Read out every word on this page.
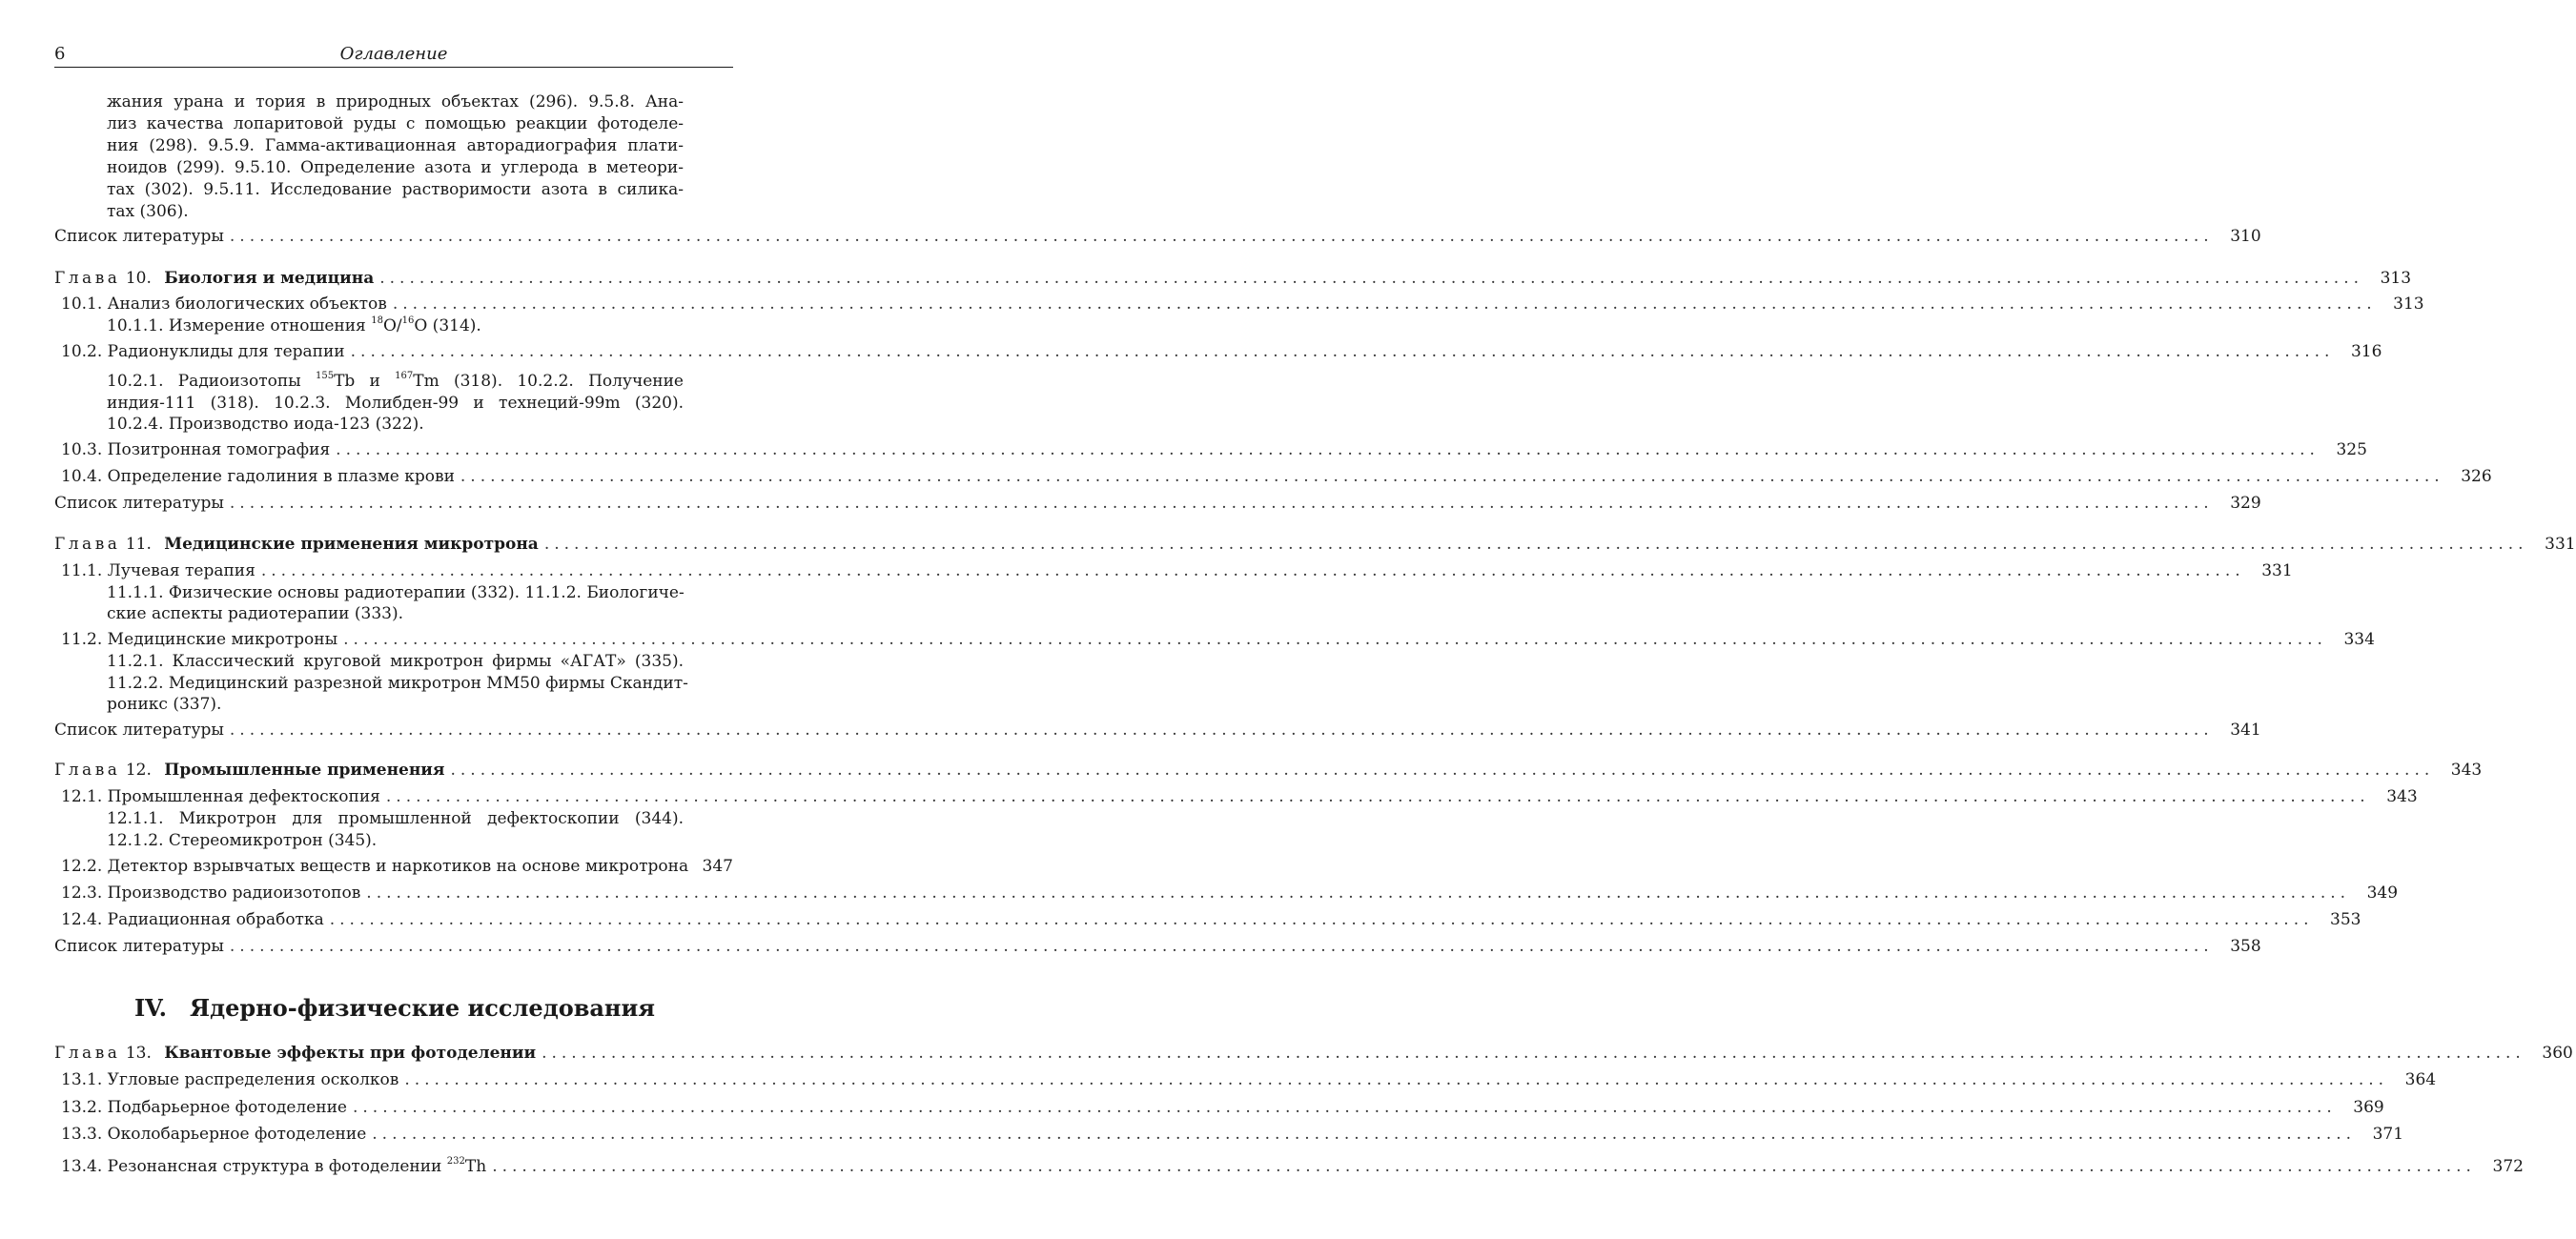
6	Оглавление
жания урана и тория в природных объектах (296). 9.5.8. Ана-
лиз качества лопаритовой руды с помощью реакции фотоделе-
ния (298). 9.5.9. Гамма-активационная авторадиография плати-
ноидов (299). 9.5.10. Определение азота и углерода в метеори-
тах (302). 9.5.11. Исследование растворимости азота в силика-
тах (306).
Список литературы ........................................................................................................................................................................................................	310
Глава 10. Биология и медицина ........................................................................................................................................................................................................	313
10.1. Анализ биологических объектов ........................................................................................................................................................................................................	313
10.1.1. Измерение отношения $^{18}$O/$^{16}$O (314).
10.2. Радионуклиды для терапии ........................................................................................................................................................................................................	316
10.2.1. Радиоизотопы $^{155}$Tb и $^{167}$Tm (318). 10.2.2. Получение
индия-111 (318). 10.2.3. Молибден-99 и технеций-99m (320).
10.2.4. Производство иода-123 (322).
10.3. Позитронная томография ........................................................................................................................................................................................................	325
10.4. Определение гадолиния в плазме крови ........................................................................................................................................................................................................	326
Список литературы ........................................................................................................................................................................................................	329
Глава 11. Медицинские применения микротрона ........................................................................................................................................................................................................	331
11.1. Лучевая терапия ........................................................................................................................................................................................................	331
11.1.1. Физические основы радиотерапии (332). 11.1.2. Биологиче-
ские аспекты радиотерапии (333).
11.2. Медицинские микротроны ........................................................................................................................................................................................................	334
11.2.1. Классический круговой микротрон фирмы «АГАТ» (335).
11.2.2. Медицинский разрезной микротрон MM50 фирмы Скандит-
роникс (337).
Список литературы ........................................................................................................................................................................................................	341
Глава 12. Промышленные применения ........................................................................................................................................................................................................	343
12.1. Промышленная дефектоскопия ........................................................................................................................................................................................................	343
12.1.1. Микротрон для промышленной дефектоскопии (344).
12.1.2. Стереомикротрон (345).
12.2. Детектор взрывчатых веществ и наркотиков на основе микротрона 347
12.3. Производство радиоизотопов ........................................................................................................................................................................................................	349
12.4. Радиационная обработка ........................................................................................................................................................................................................	353
Список литературы ........................................................................................................................................................................................................	358
IV. Ядерно-физические исследования
Глава 13. Квантовые эффекты при фотоделении ........................................................................................................................................................................................................	360
13.1. Угловые распределения осколков ........................................................................................................................................................................................................	364
13.2. Подбарьерное фотоделение ........................................................................................................................................................................................................	369
13.3. Околобарьерное фотоделение ........................................................................................................................................................................................................	371
13.4. Резонансная структура в фотоделении $^{232}$Th ........................................................................................................................................................................................................	372
